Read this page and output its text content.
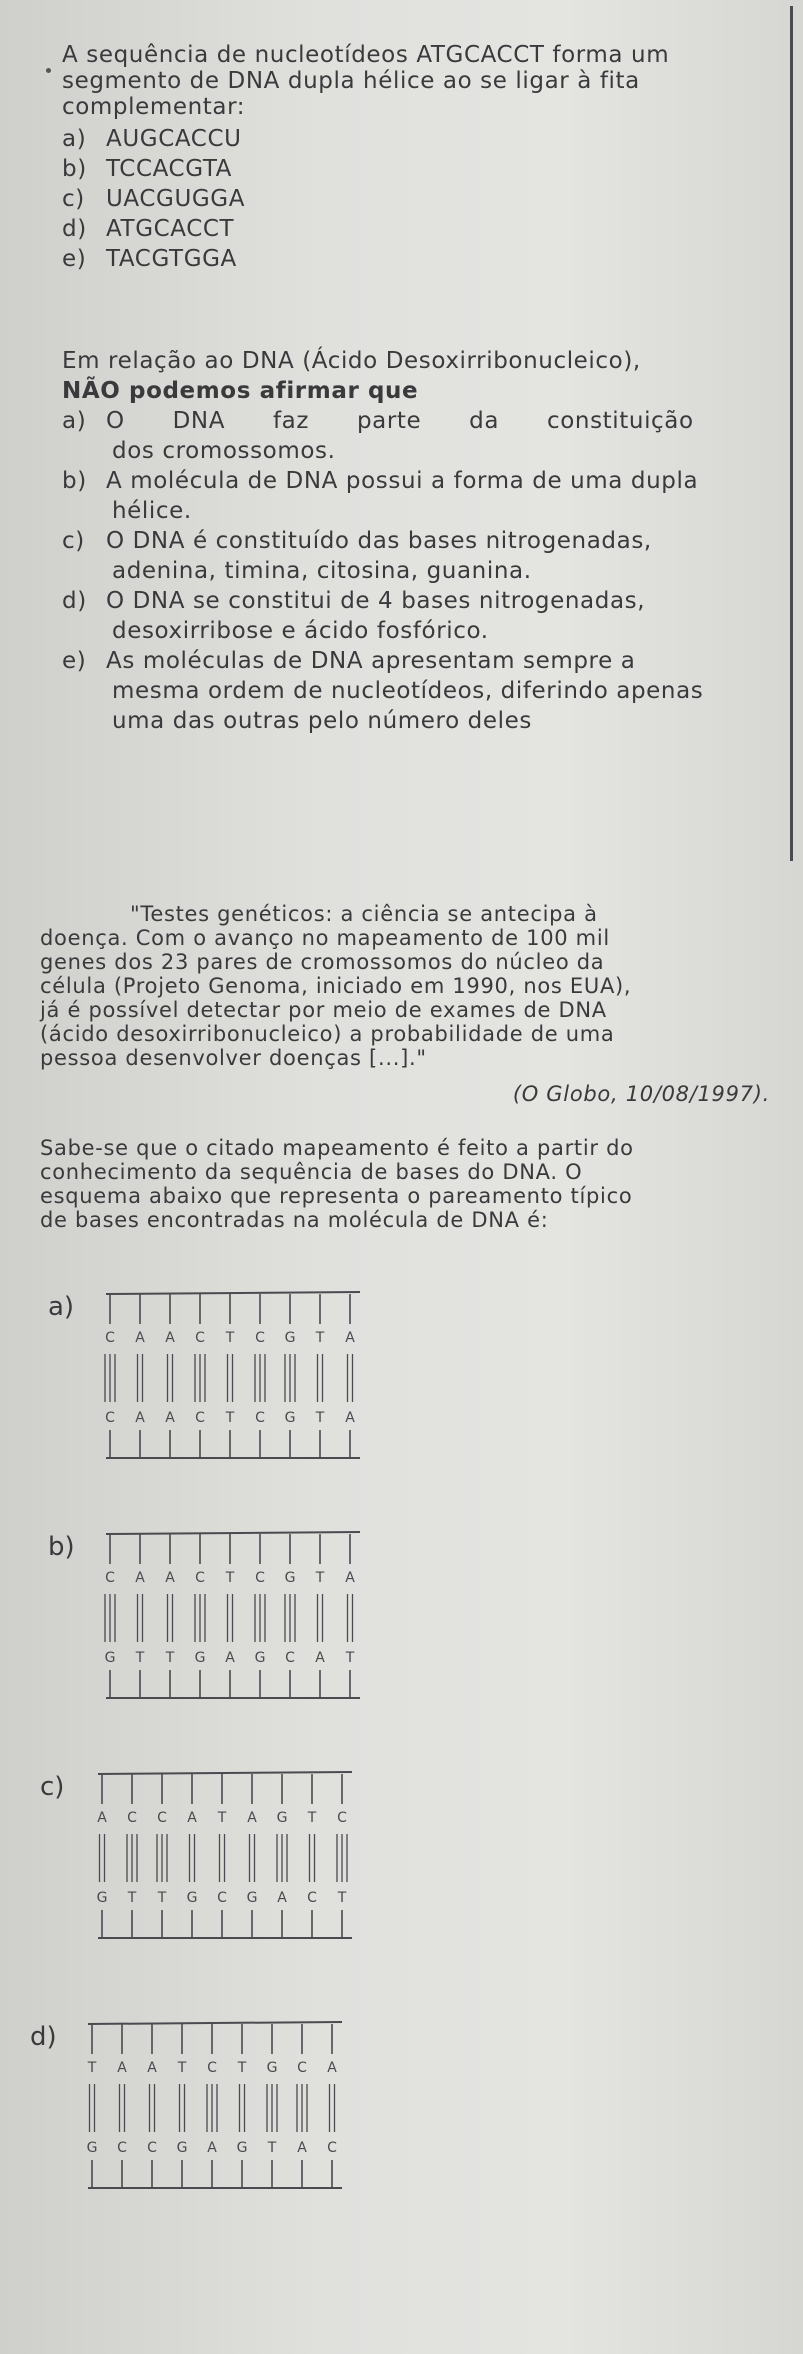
A sequência de nucleotídeos ATGCACCT forma um
segmento de DNA dupla hélice ao se ligar à fita
complementar:
a) AUGCACCU
b) TCCACGTA
c) UACGUGGA
d) ATGCACCT
e) TACGTGGA
Em relação ao DNA (Ácido Desoxirribonucleico),
NÃO podemos afirmar que
a) O DNA faz parte da constituição
dos cromossomos.
b) A molécula de DNA possui a forma de uma dupla
hélice.
c) O DNA é constituído das bases nitrogenadas,
adenina, timina, citosina, guanina.
d) O DNA se constitui de 4 bases nitrogenadas,
desoxirribose e ácido fosfórico.
e) As moléculas de DNA apresentam sempre a
mesma ordem de nucleotídeos, diferindo apenas
uma das outras pelo número deles
"Testes genéticos: a ciência se antecipa à
doença. Com o avanço no mapeamento de 100 mil
genes dos 23 pares de cromossomos do núcleo da
célula (Projeto Genoma, iniciado em 1990, nos EUA),
já é possível detectar por meio de exames de DNA
(ácido desoxirribonucleico) a probabilidade de uma
pessoa desenvolver doenças [...]."
(O Globo, 10/08/1997).
Sabe-se que o citado mapeamento é feito a partir do
conhecimento da sequência de bases do DNA. O
esquema abaixo que representa o pareamento típico
de bases encontradas na molécula de DNA é:
a)
C
C
A
A
A
A
C
C
T
T
C
C
G
G
T
T
A
A
b)
C
G
A
T
A
T
C
G
T
A
C
G
G
C
T
A
A
T
c)
A
G
C
T
C
T
A
G
T
C
A
G
G
A
T
C
C
T
d)
T
G
A
C
A
C
T
G
C
A
T
G
G
T
C
A
A
C
